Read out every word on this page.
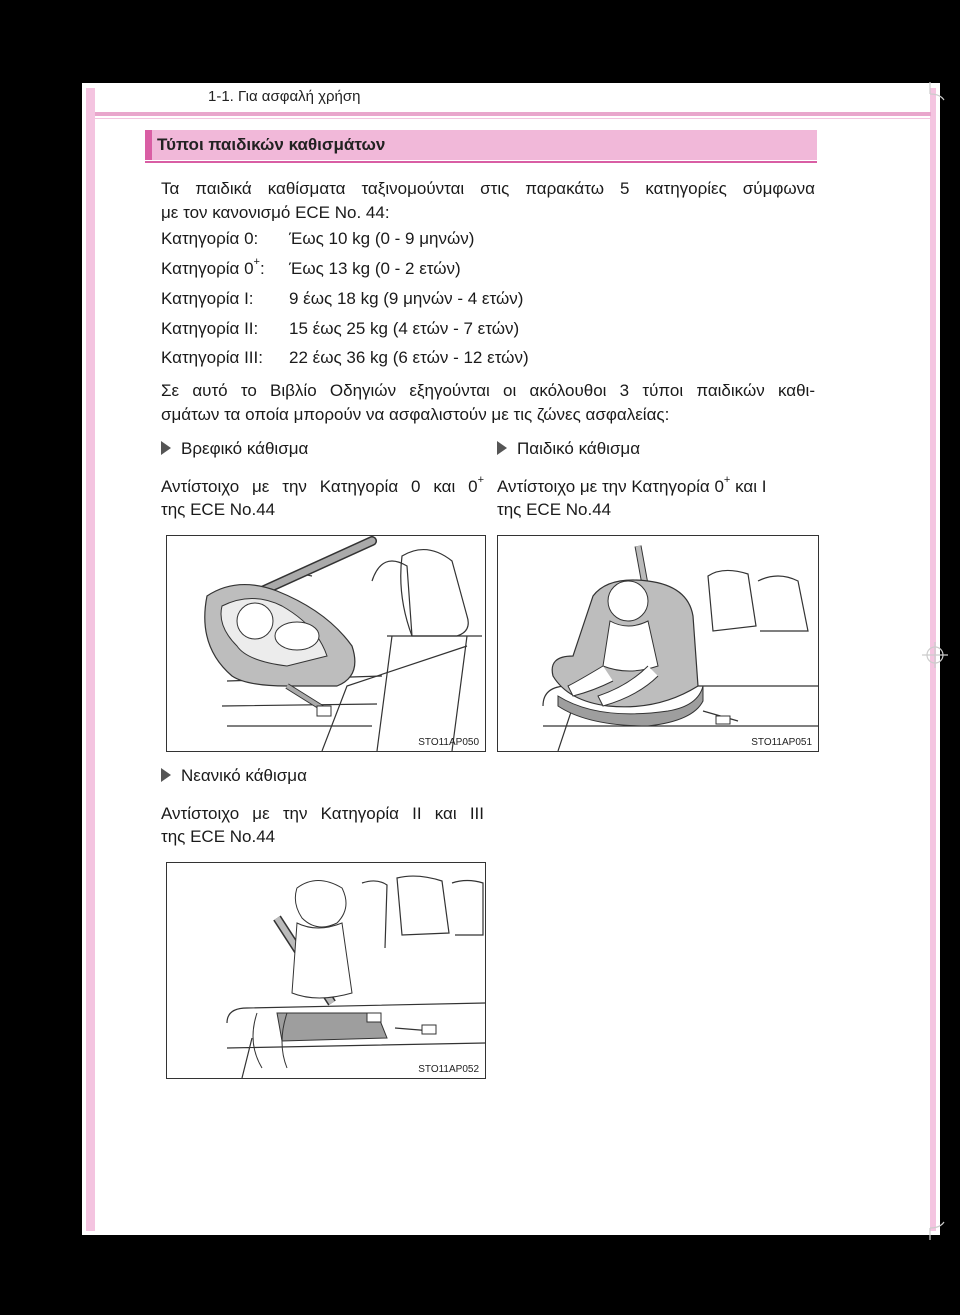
1-1. Για ασφαλή χρήση
Τύποι παιδικών καθισμάτων
Τα παιδικά καθίσματα ταξινομούνται στις παρακάτω 5 κατηγορίες σύμφωνα
με τον κανονισμό ECE No. 44:
Κατηγορία 0: Έως 10 kg (0 - 9 μηνών)
Κατηγορία 0+: Έως 13 kg (0 - 2 ετών)
Κατηγορία I: 9 έως 18 kg (9 μηνών - 4 ετών)
Κατηγορία II: 15 έως 25 kg (4 ετών - 7 ετών)
Κατηγορία III: 22 έως 36 kg (6 ετών - 12 ετών)
Σε αυτό το Βιβλίο Οδηγιών εξηγούνται οι ακόλουθοι 3 τύποι παιδικών καθι-
σμάτων τα οποία μπορούν να ασφαλιστούν με τις ζώνες ασφαλείας:
Βρεφικό κάθισμα
Αντίστοιχο με την Κατηγορία 0 και 0+
της ECE No.44
Παιδικό κάθισμα
Αντίστοιχο με την Κατηγορία 0+ και I
της ECE No.44
STO11AP050	STO11AP051
Νεανικό κάθισμα
Αντίστοιχο με την Κατηγορία II και III
της ECE No.44
STO11AP052
